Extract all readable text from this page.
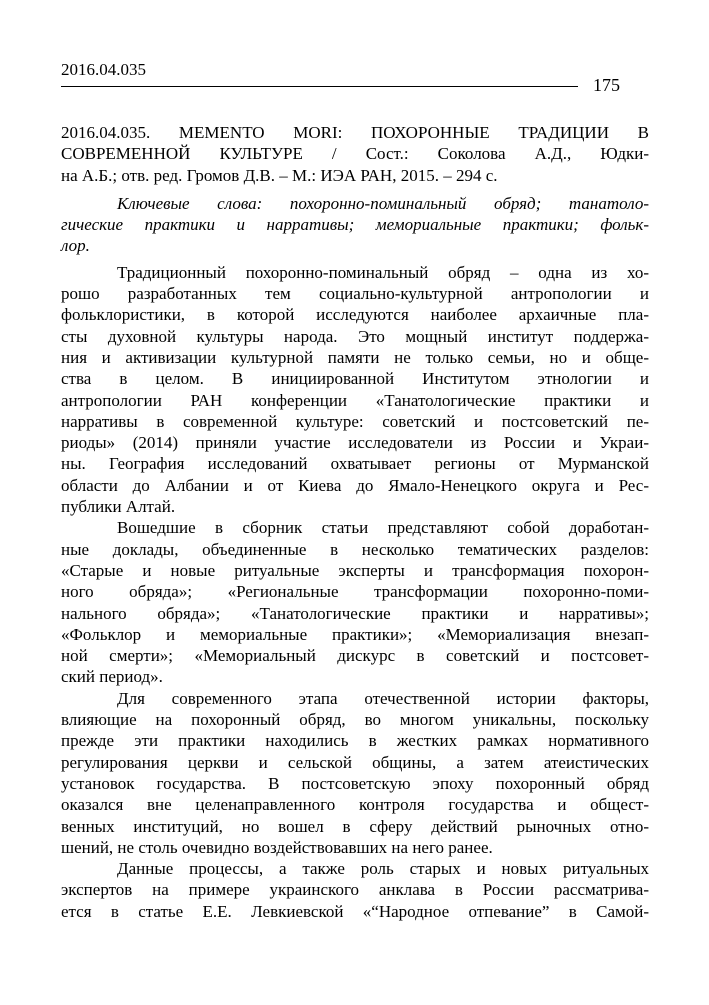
2016.04.035
175
2016.04.035. MEMENTO MORI: ПОХОРОННЫЕ ТРАДИЦИИ В
СОВРЕМЕННОЙ КУЛЬТУРЕ / Сост.: Соколова А.Д., Юдки-
на А.Б.; отв. ред. Громов Д.В. – М.: ИЭА РАН, 2015. – 294 с.
Ключевые слова: похоронно-поминальный обряд; танатоло-
гические практики и нарративы; мемориальные практики; фольк-
лор.
Традиционный похоронно-поминальный обряд – одна из хо-
рошо разработанных тем социально-культурной антропологии и
фольклористики, в которой исследуются наиболее архаичные пла-
сты духовной культуры народа. Это мощный институт поддержа-
ния и активизации культурной памяти не только семьи, но и обще-
ства в целом. В инициированной Институтом этнологии и
антропологии РАН конференции «Танатологические практики и
нарративы в современной культуре: советский и постсоветский пе-
риоды» (2014) приняли участие исследователи из России и Украи-
ны. География исследований охватывает регионы от Мурманской
области до Албании и от Киева до Ямало-Ненецкого округа и Рес-
публики Алтай.
Вошедшие в сборник статьи представляют собой доработан-
ные доклады, объединенные в несколько тематических разделов:
«Старые и новые ритуальные эксперты и трансформация похорон-
ного обряда»; «Региональные трансформации похоронно-поми-
нального обряда»; «Танатологические практики и нарративы»;
«Фольклор и мемориальные практики»; «Мемориализация внезап-
ной смерти»; «Мемориальный дискурс в советский и постсовет-
ский период».
Для современного этапа отечественной истории факторы,
влияющие на похоронный обряд, во многом уникальны, поскольку
прежде эти практики находились в жестких рамках нормативного
регулирования церкви и сельской общины, а затем атеистических
установок государства. В постсоветскую эпоху похоронный обряд
оказался вне целенаправленного контроля государства и общест-
венных институций, но вошел в сферу действий рыночных отно-
шений, не столь очевидно воздействовавших на него ранее.
Данные процессы, а также роль старых и новых ритуальных
экспертов на примере украинского анклава в России рассматрива-
ется в статье Е.Е. Левкиевской «“Народное отпевание” в Самой-
